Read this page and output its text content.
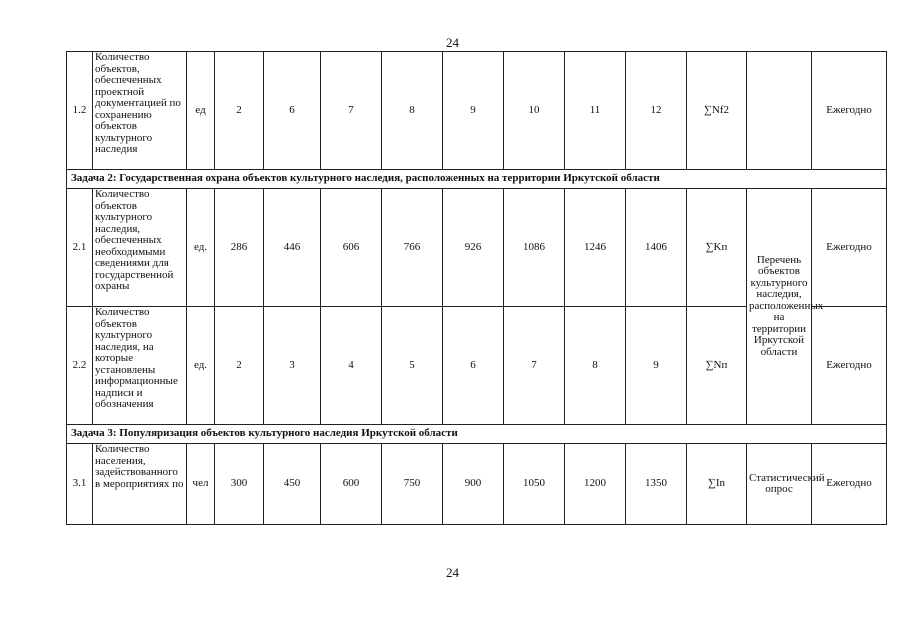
24
1.2	Количество объектов, обеспеченных проектной документацией по сохранению объектов культурного наследия	ед	2	6	7	8	9	10	11	12	∑Nf2		Ежегодно
Задача 2: Государственная охрана объектов культурного наследия, расположенных на территории Иркутской области													
2.1	Количество объектов культурного наследия, обеспеченных необходимыми сведениями для государственной охраны	ед.	286	446	606	766	926	1086	1246	1406	∑Kп	Перечень объектов культурного наследия, расположенных на территории Иркутской области	Ежегодно
2.2	Количество объектов культурного наследия, на которые установлены информационные надписи и обозначения	ед.	2	3	4	5	6	7	8	9	∑Nп		Ежегодно
Задача 3: Популяризация объектов культурного наследия Иркутской области													
3.1	Количество населения, задействованного в мероприятиях по	чел	300	450	600	750	900	1050	1200	1350	∑In	Статистический опрос	Ежегодно
24
